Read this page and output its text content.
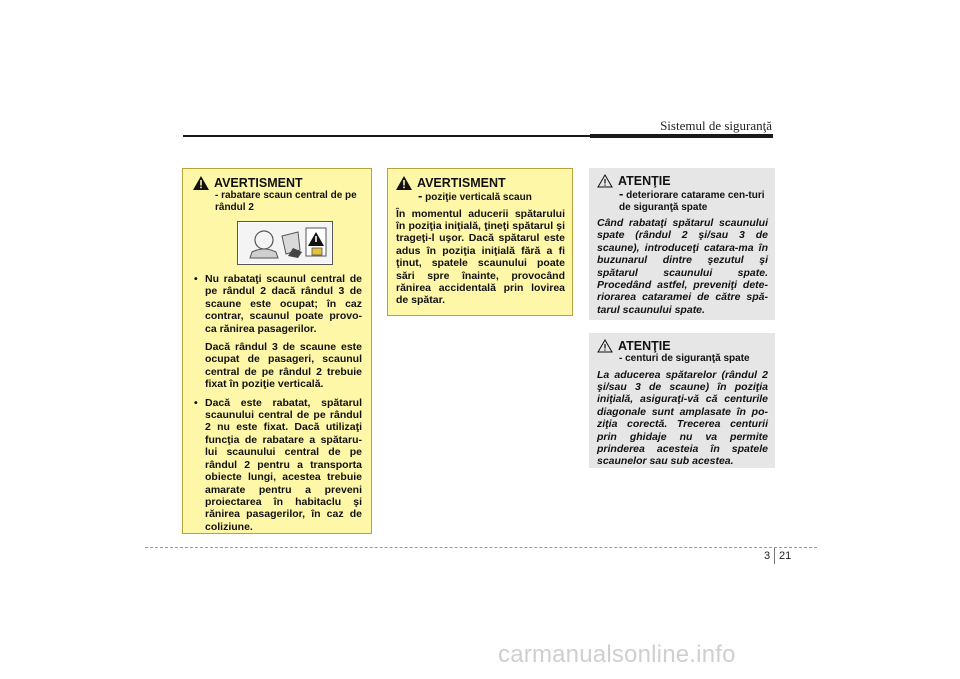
Sistemul de siguranţă
AVERTISMENT
- rabatare scaun central de pe rândul 2
• Nu rabataţi scaunul central de pe rândul 2 dacă rândul 3 de scaune este ocupat; în caz contrar, scaunul poate provo-ca rănirea pasagerilor.
Dacă rândul 3 de scaune este ocupat de pasageri, scaunul central de pe rândul 2 trebuie fixat în poziţie verticală.
• Dacă este rabatat, spătarul scaunului central de pe rândul 2 nu este fixat. Dacă utilizaţi funcţia de rabatare a spătaru-lui scaunului central de pe rândul 2 pentru a transporta obiecte lungi, acestea trebuie amarate pentru a preveni proiectarea în habitaclu şi rănirea pasagerilor, în caz de coliziune.
AVERTISMENT
- poziţie verticală scaun
În momentul aducerii spătarului în poziţia iniţială, ţineţi spătarul şi trageţi-l uşor. Dacă spătarul este adus în poziţia iniţială fără a fi ţinut, spatele scaunului poate sări spre înainte, provocând rănirea accidentală prin lovirea de spătar.
ATENŢIE
- deteriorare catarame cen-turi de siguranţă spate
Când rabataţi spătarul scaunului spate (rândul 2 şi/sau 3 de scaune), introduceţi catara-ma în buzunarul dintre şezutul şi spătarul scaunului spate. Procedând astfel, preveniţi dete-riorarea cataramei de către spă-tarul scaunului spate.
ATENŢIE
- centuri de siguranţă spate
La aducerea spătarelor (rândul 2 şi/sau 3 de scaune) în poziţia iniţială, asiguraţi-vă că centurile diagonale sunt amplasate în po-ziţia corectă. Trecerea centurii prin ghidaje nu va permite prinderea acesteia în spatele scaunelor sau sub acestea.
3 21
carmanualsonline.info
